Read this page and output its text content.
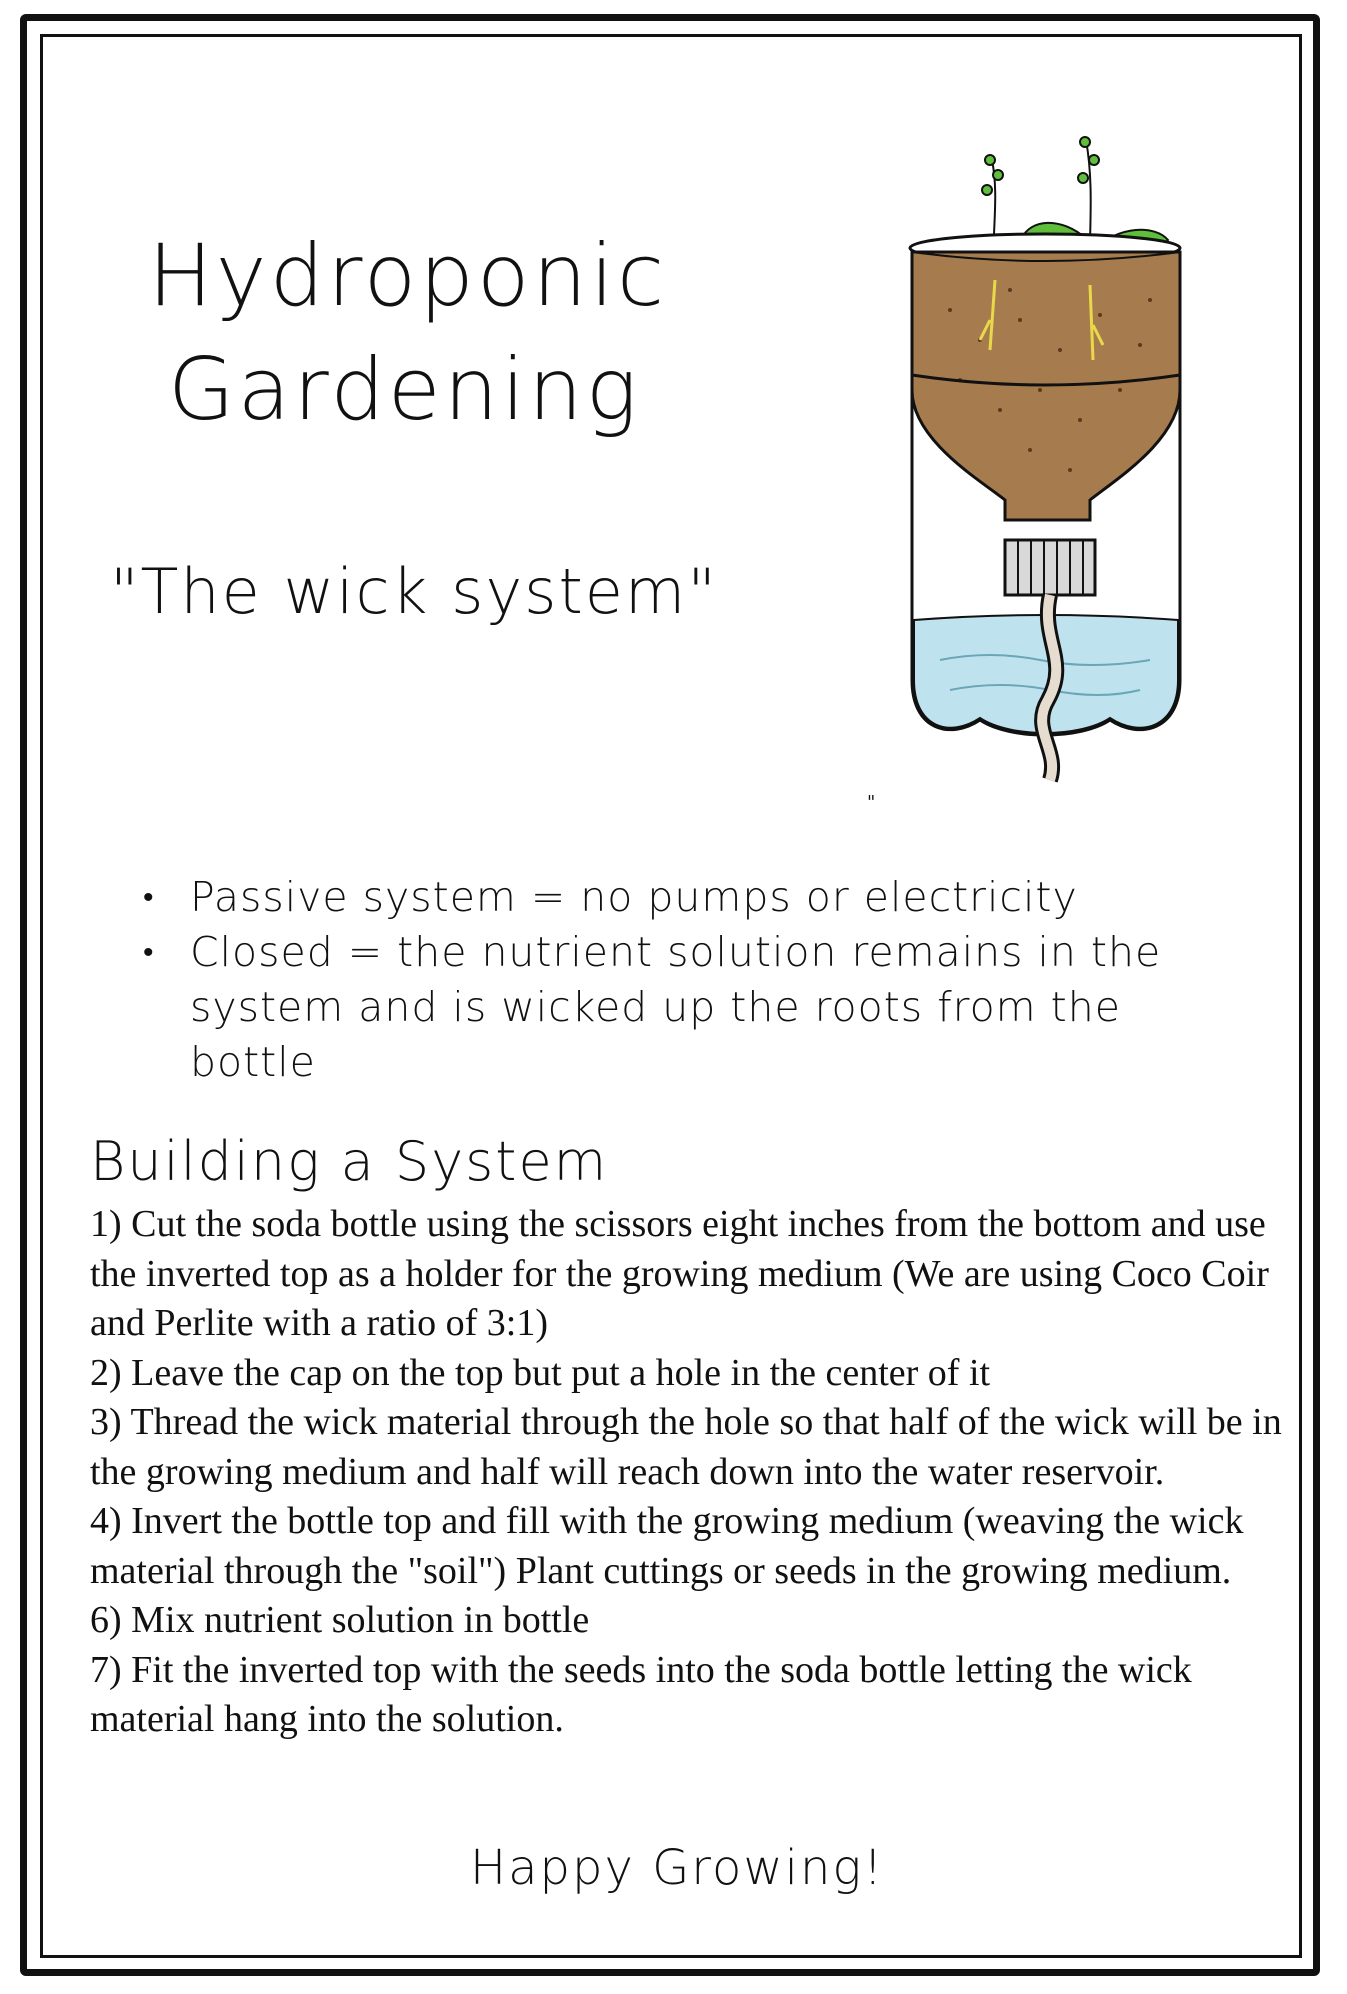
Hydroponic
Gardening
"The wick system"
"
• Passive system = no pumps or electricity
• Closed = the nutrient solution remains in the system and is wicked up the roots from the bottle
Building a System

1) Cut the soda bottle using the scissors eight inches from the bottom and use the inverted top as a holder for the growing medium (We are using Coco Coir and Perlite with a ratio of 3:1)

2) Leave the cap on the top but put a hole in the center of it

3) Thread the wick material through the hole so that half of the wick will be in the growing medium and half will reach down into the water reservoir.

4) Invert the bottle top and fill with the growing medium (weaving the wick material through the "soil") Plant cuttings or seeds in the growing medium.

6) Mix nutrient solution in bottle

7) Fit the inverted top with the seeds into the soda bottle letting the wick material hang into the solution.

Happy Growing!
